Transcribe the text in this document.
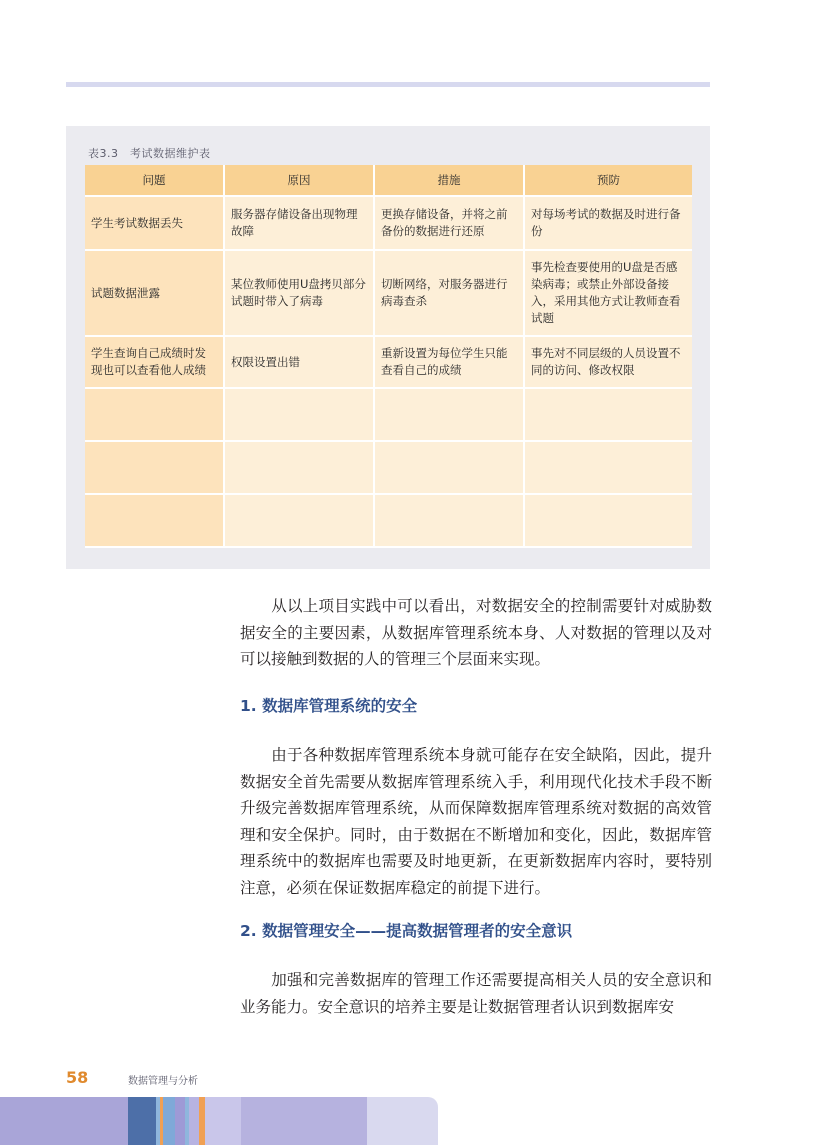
表3.3　考试数据维护表
问题	原因	措施	预防
学生考试数据丢失	服务器存储设备出现物理故障	更换存储设备，并将之前备份的数据进行还原	对每场考试的数据及时进行备份
试题数据泄露	某位教师使用U盘拷贝部分试题时带入了病毒	切断网络，对服务器进行病毒查杀	事先检查要使用的U盘是否感染病毒；或禁止外部设备接入，采用其他方式让教师查看试题
学生查询自己成绩时发现也可以查看他人成绩	权限设置出错	重新设置为每位学生只能查看自己的成绩	事先对不同层级的人员设置不同的访问、修改权限

从以上项目实践中可以看出，对数据安全的控制需要针对威胁数据安全的主要因素，从数据库管理系统本身、人对数据的管理以及对可以接触到数据的人的管理三个层面来实现。

1. 数据库管理系统的安全

由于各种数据库管理系统本身就可能存在安全缺陷，因此，提升数据安全首先需要从数据库管理系统入手，利用现代化技术手段不断升级完善数据库管理系统，从而保障数据库管理系统对数据的高效管理和安全保护。同时，由于数据在不断增加和变化，因此，数据库管理系统中的数据库也需要及时地更新，在更新数据库内容时，要特别注意，必须在保证数据库稳定的前提下进行。

2. 数据管理安全——提高数据管理者的安全意识

加强和完善数据库的管理工作还需要提高相关人员的安全意识和业务能力。安全意识的培养主要是让数据管理者认识到数据库安

58	数据管理与分析
